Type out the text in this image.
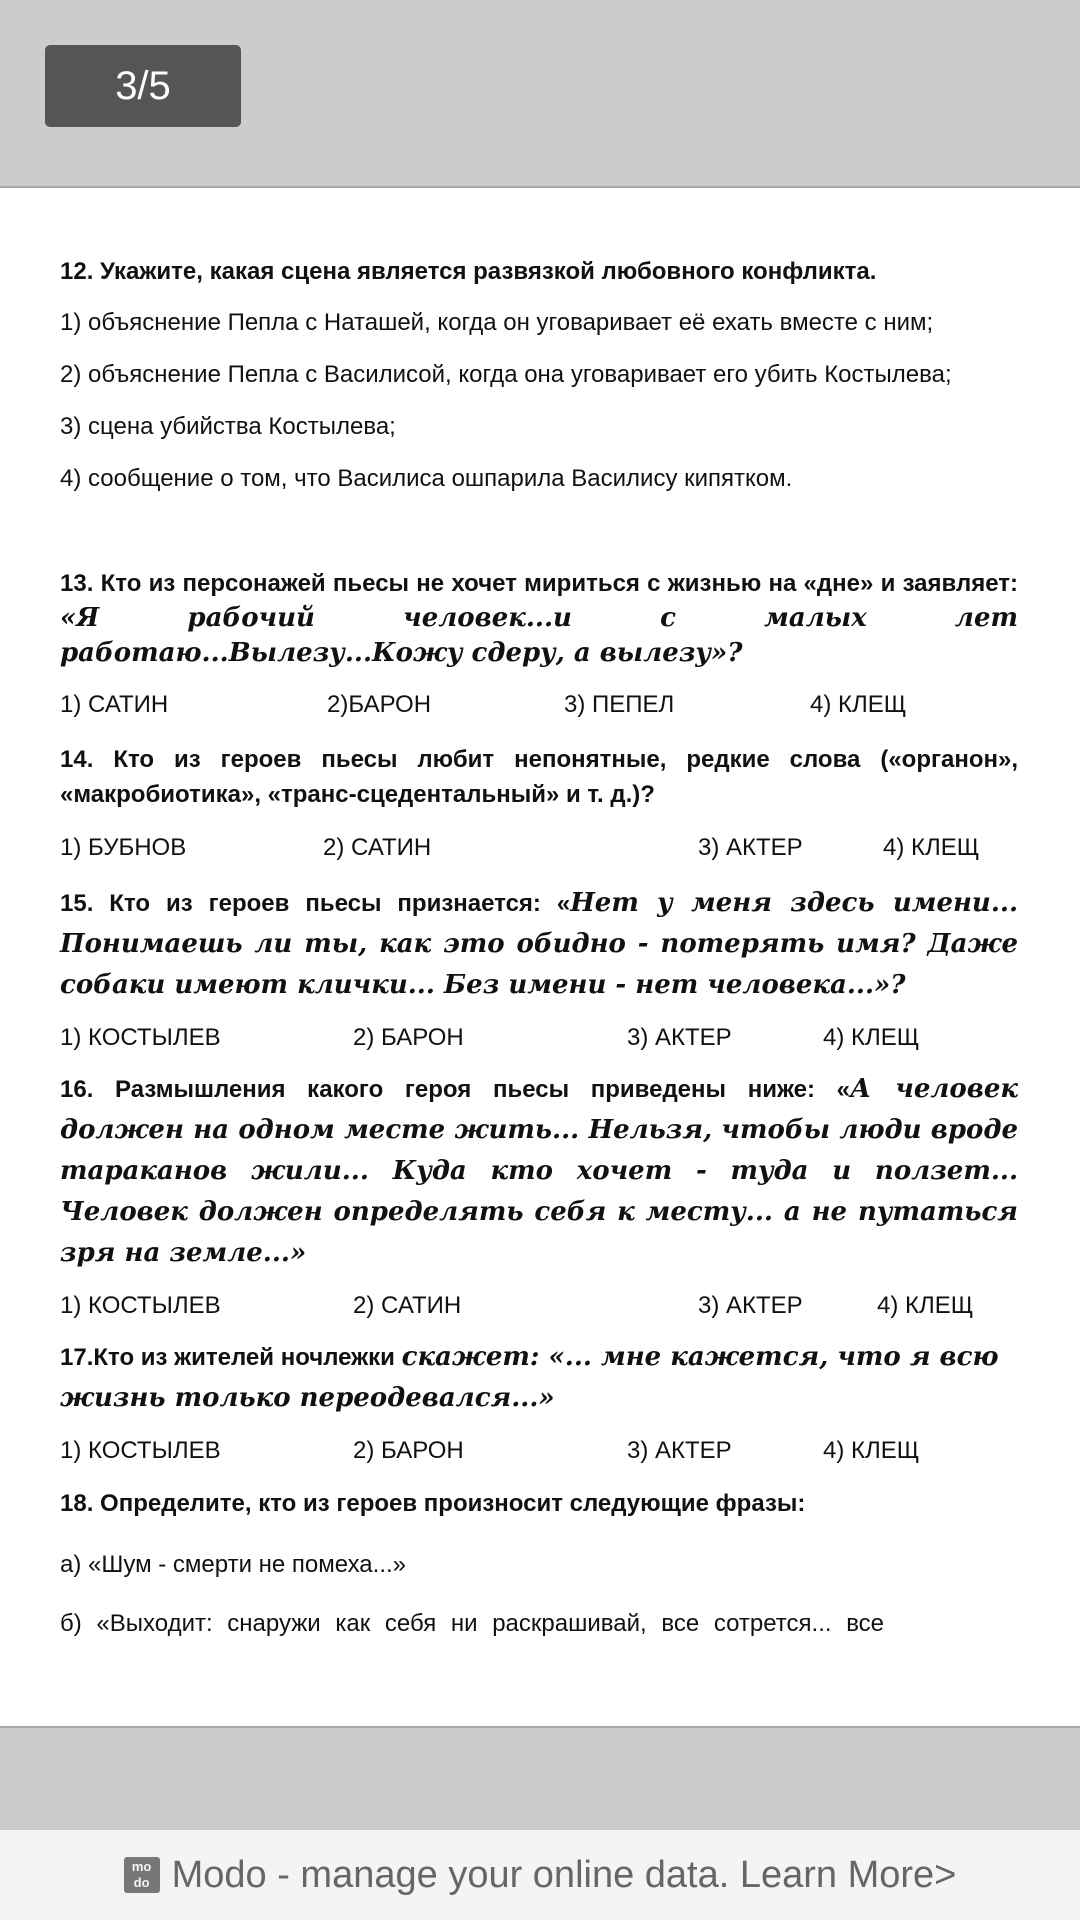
3/5

12. Укажите, какая сцена является развязкой любовного конфликта.

1) объяснение Пепла с Наташей, когда он уговаривает её ехать вместе с ним;

2) объяснение Пепла с Василисой, когда она уговаривает его убить Костылева;

3) сцена убийства Костылева;

4) сообщение о том, что Василиса ошпарила Василису кипятком.

13. Кто из персонажей пьесы не хочет мириться с жизнью на «дне» и заявляет: «Я рабочий человек...и с малых лет работаю...Вылезу...Кожу сдеру, а вылезу»?

1) САТИН	2)БАРОН	3) ПЕПЕЛ	4) КЛЕЩ

14. Кто из героев пьесы любит непонятные, редкие слова («органон», «макробиотика», «транс-сцедентальный» и т. д.)?

1) БУБНОВ	2) САТИН	3) АКТЕР	4) КЛЕЩ

15. Кто из героев пьесы признается: «Нет у меня здесь имени... Понимаешь ли ты, как это обидно - потерять имя? Даже собаки имеют клички... Без имени - нет человека...»?

1) КОСТЫЛЕВ	2) БАРОН	3) АКТЕР	4) КЛЕЩ

16. Размышления какого героя пьесы приведены ниже: «А человек должен на одном месте жить... Нельзя, чтобы люди вроде тараканов жили... Куда кто хочет - туда и ползет... Человек должен определять себя к месту... а не путаться зря на земле...»

1) КОСТЫЛЕВ	2) САТИН	3) АКТЕР	4) КЛЕЩ

17.Кто из жителей ночлежки скажет: «... мне кажется, что я всю жизнь только переодевался...»

1) КОСТЫЛЕВ	2) БАРОН	3) АКТЕР	4) КЛЕЩ

18. Определите, кто из героев произносит следующие фразы:

а) «Шум - смерти не помеха...»

б) «Выходит: снаружи как себя ни раскрашивай, все сотрется... все

mo do Modo - manage your online data. Learn More>
